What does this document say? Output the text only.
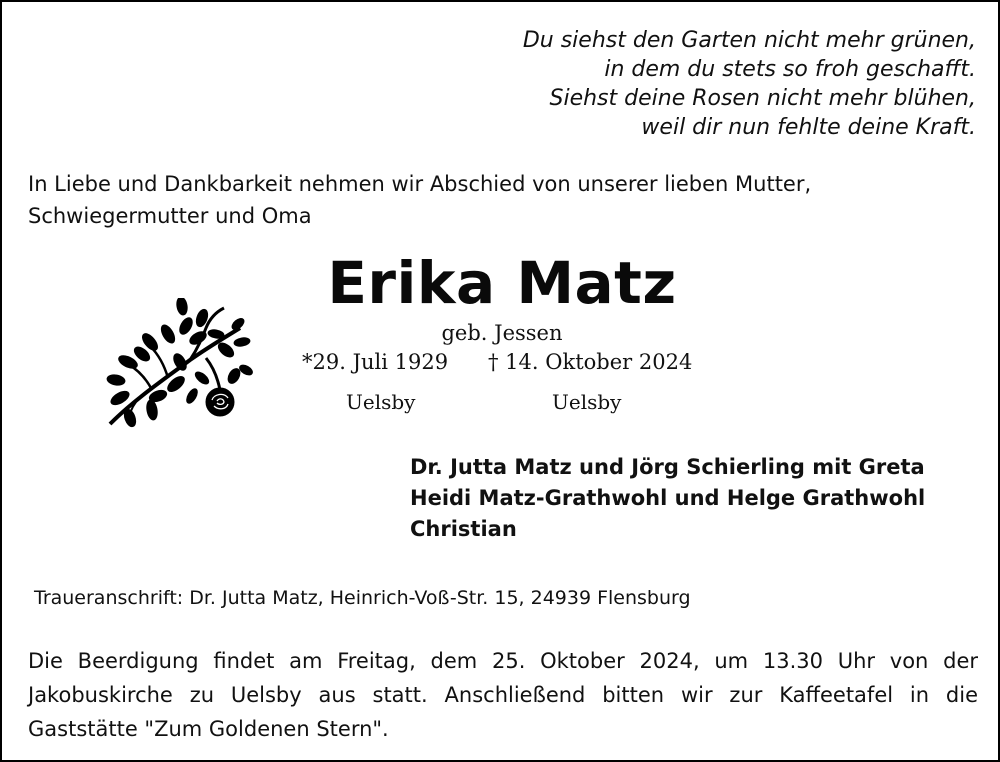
Du siehst den Garten nicht mehr grünen,
in dem du stets so froh geschafft.
Siehst deine Rosen nicht mehr blühen,
weil dir nun fehlte deine Kraft.
In Liebe und Dankbarkeit nehmen wir Abschied von unserer lieben Mutter,
Schwiegermutter und Oma
Erika Matz
geb. Jessen
*29. Juli 1929 † 14. Oktober 2024
Uelsby	Uelsby
Dr. Jutta Matz und Jörg Schierling mit Greta
Heidi Matz-Grathwohl und Helge Grathwohl
Christian
Traueranschrift: Dr. Jutta Matz, Heinrich-Voß-Str. 15, 24939 Flensburg
Die Beerdigung findet am Freitag, dem 25. Oktober 2024, um 13.30 Uhr von der
Jakobuskirche zu Uelsby aus statt. Anschließend bitten wir zur Kaffeetafel in die
Gaststätte "Zum Goldenen Stern".
